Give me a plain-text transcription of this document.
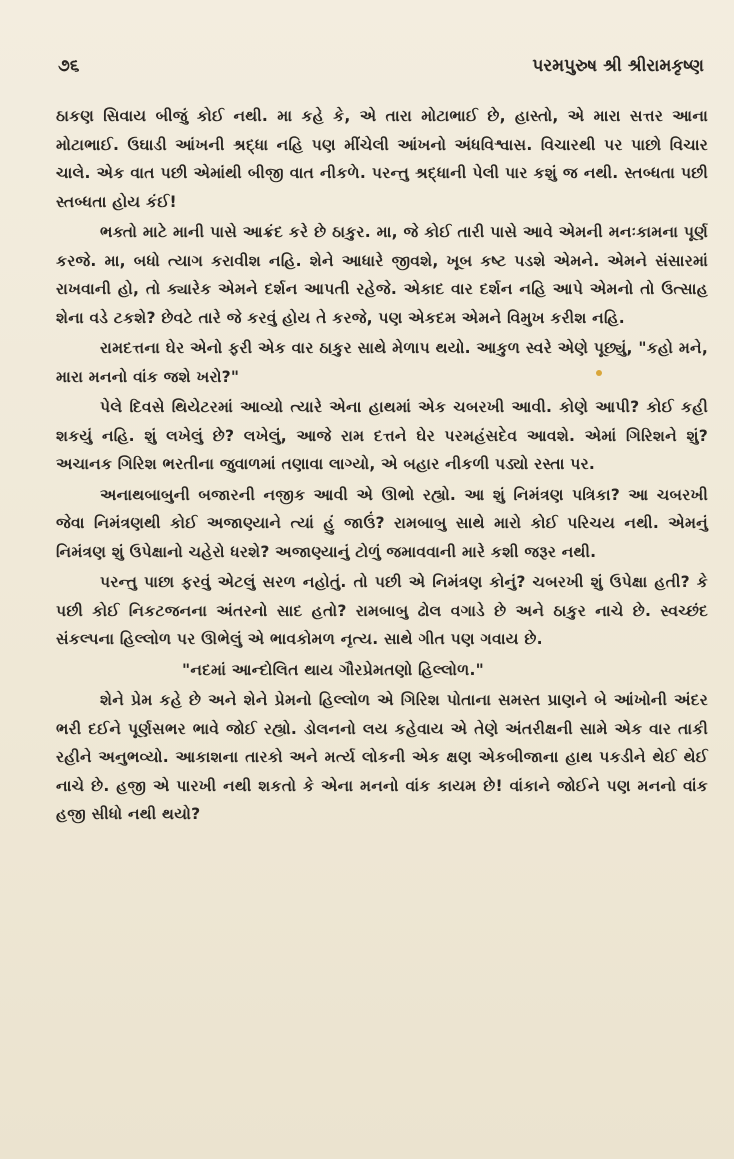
૭૬	પરમપુરુષ શ્રી શ્રીરામકૃષ્ણ

ઠાકણ સિવાય બીજું કોઈ નથી. મા કહે કે, એ તારા મોટાભાઈ છે, હાસ્તો, એ મારા સત્તર આના મોટાભાઈ. ઉઘાડી આંખની શ્રદ્ધા નહિ પણ મીંચેલી આંખનો અંધવિશ્વાસ. વિચારથી પર પાછો વિચાર ચાલે. એક વાત પછી એમાંથી બીજી વાત નીકળે. પરન્તુ શ્રદ્ધાની પેલી પાર કશું જ નથી. સ્તબ્ધતા પછી સ્તબ્ધતા હોય કંઈ!

ભક્તો માટે માની પાસે આક્રંદ કરે છે ઠાકુર. મા, જે કોઈ તારી પાસે આવે એમની મનઃકામના પૂર્ણ કરજે. મા, બધો ત્યાગ કરાવીશ નહિ. શેને આધારે જીવશે, ખૂબ કષ્ટ પડશે એમને. એમને સંસારમાં રાખવાની હો, તો ક્યારેક એમને દર્શન આપતી રહેજે. એકાદ વાર દર્શન નહિ આપે એમનો તો ઉત્સાહ શેના વડે ટકશે? છેવટે તારે જે કરવું હોય તે કરજે, પણ એકદમ એમને વિમુખ કરીશ નહિ.

રામદત્તના ઘેર એનો ફરી એક વાર ઠાકુર સાથે મેળાપ થયો. આકુળ સ્વરે એણે પૂછ્યું, "કહો મને, મારા મનનો વાંક જશે ખરો?"

પેલે દિવસે થિયેટરમાં આવ્યો ત્યારે એના હાથમાં એક ચબરખી આવી. કોણે આપી? કોઈ કહી શકયું નહિ. શું લખેલું છે? લખેલું, આજે રામ દત્તને ઘેર પરમહંસદેવ આવશે. એમાં ગિરિશને શું? અચાનક ગિરિશ ભરતીના જુવાળમાં તણાવા લાગ્યો, એ બહાર નીકળી પડ્યો રસ્તા પર.

અનાથબાબુની બજારની નજીક આવી એ ઊભો રહ્યો. આ શું નિમંત્રણ પત્રિકા? આ ચબરખી જેવા નિમંત્રણથી કોઈ અજાણ્યાને ત્યાં હું જાઉં? રામબાબુ સાથે મારો કોઈ પરિચય નથી. એમનું નિમંત્રણ શું ઉપેક્ષાનો ચહેરો ધરશે? અજાણ્યાનું ટોળું જમાવવાની મારે કશી જરૂર નથી.

પરન્તુ પાછા ફરવું એટલું સરળ નહોતું. તો પછી એ નિમંત્રણ કોનું? ચબરખી શું ઉપેક્ષા હતી? કે પછી કોઈ નિકટજનના અંતરનો સાદ હતો? રામબાબુ ઢોલ વગાડે છે અને ઠાકુર નાચે છે. સ્વચ્છંદ સંકલ્પના હિલ્લોળ પર ઊભેલું એ ભાવકોમળ નૃત્ય. સાથે ગીત પણ ગવાય છે.

"નદમાં આન્દોલિત થાય ગૌરપ્રેમતણો હિલ્લોળ."

શેને પ્રેમ કહે છે અને શેને પ્રેમનો હિલ્લોળ એ ગિરિશ પોતાના સમસ્ત પ્રાણને બે આંખોની અંદર ભરી દઈને પૂર્ણસભર ભાવે જોઈ રહ્યો. ડોલનનો લય કહેવાય એ તેણે અંતરીક્ષની સામે એક વાર તાકી રહીને અનુભવ્યો. આકાશના તારકો અને મર્ત્ય લોકની એક ક્ષણ એકબીજાના હાથ પકડીને થેઈ થેઈ નાચે છે. હજી એ પારખી નથી શકતો કે એના મનનો વાંક કાયમ છે! વાંકાને જોઈને પણ મનનો વાંક હજી સીધો નથી થયો?
